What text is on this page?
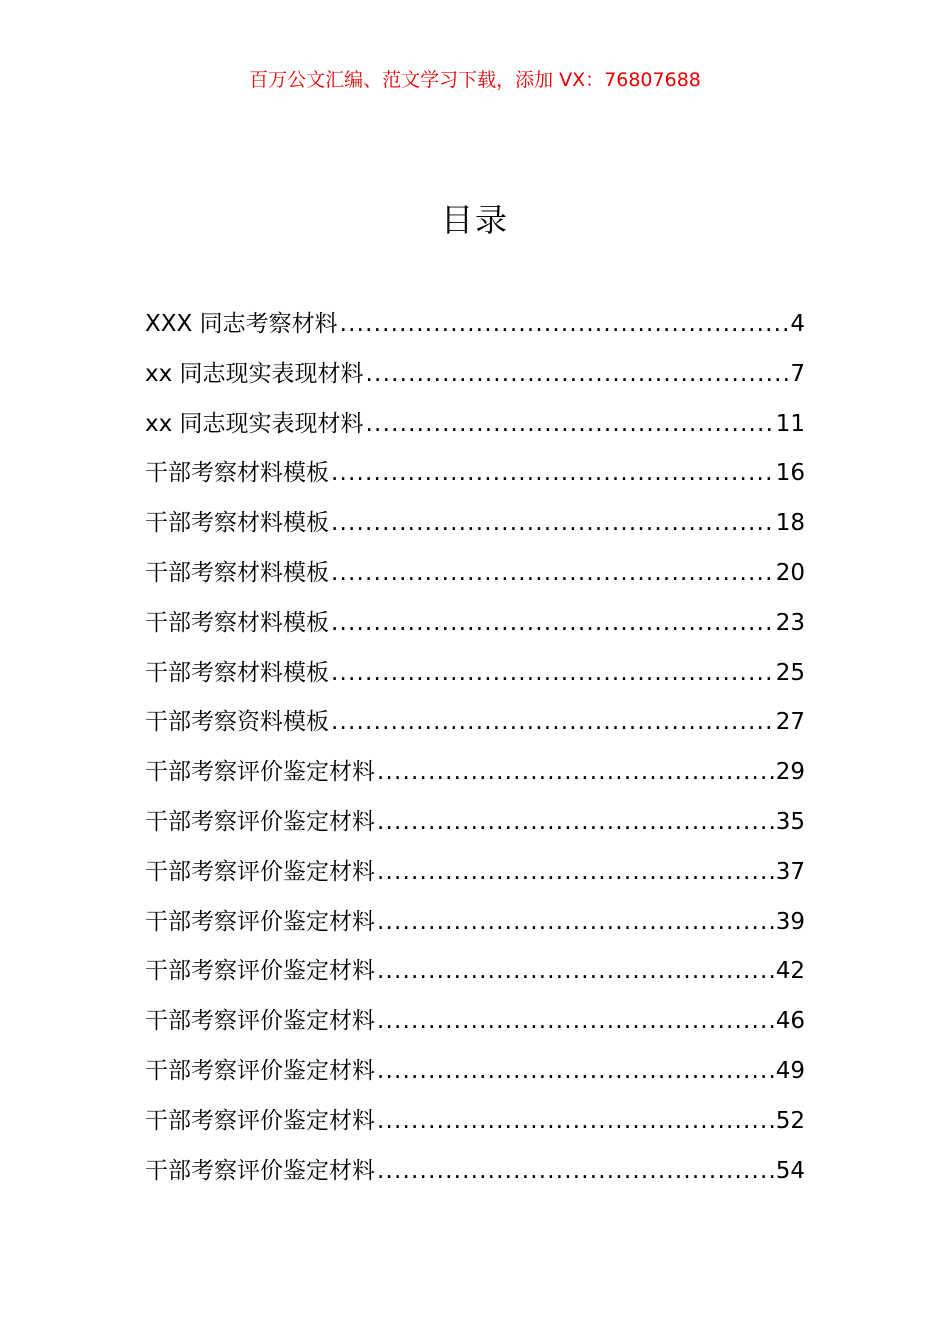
百万公文汇编、范文学习下载，添加 VX：76807688
目录
XXX 同志考察材料 .....	4
xx 同志现实表现材料 .....	7
xx 同志现实表现材料 .....	11
干部考察材料模板 .....	16
干部考察材料模板 .....	18
干部考察材料模板 .....	20
干部考察材料模板 .....	23
干部考察材料模板 .....	25
干部考察资料模板 .....	27
干部考察评价鉴定材料 .....	29
干部考察评价鉴定材料 .....	35
干部考察评价鉴定材料 .....	37
干部考察评价鉴定材料 .....	39
干部考察评价鉴定材料 .....	42
干部考察评价鉴定材料 .....	46
干部考察评价鉴定材料 .....	49
干部考察评价鉴定材料 .....	52
干部考察评价鉴定材料 .....	54
